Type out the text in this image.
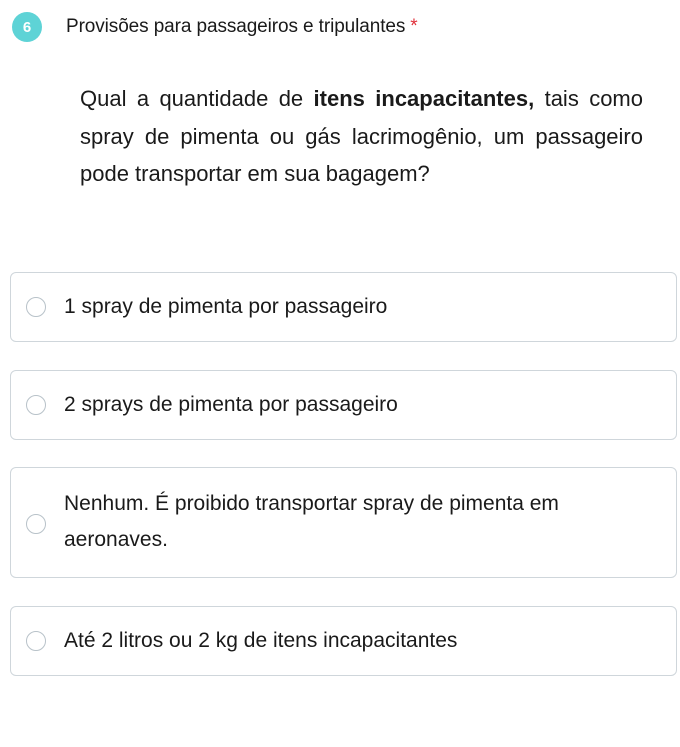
6	Provisões para passageiros e tripulantes *
Qual a quantidade de itens incapacitantes, tais como spray de pimenta ou gás lacrimogênio, um passageiro pode transportar em sua bagagem?
1 spray de pimenta por passageiro
2 sprays de pimenta por passageiro
Nenhum. É proibido transportar spray de pimenta em aeronaves.
Até 2 litros ou 2 kg de itens incapacitantes
